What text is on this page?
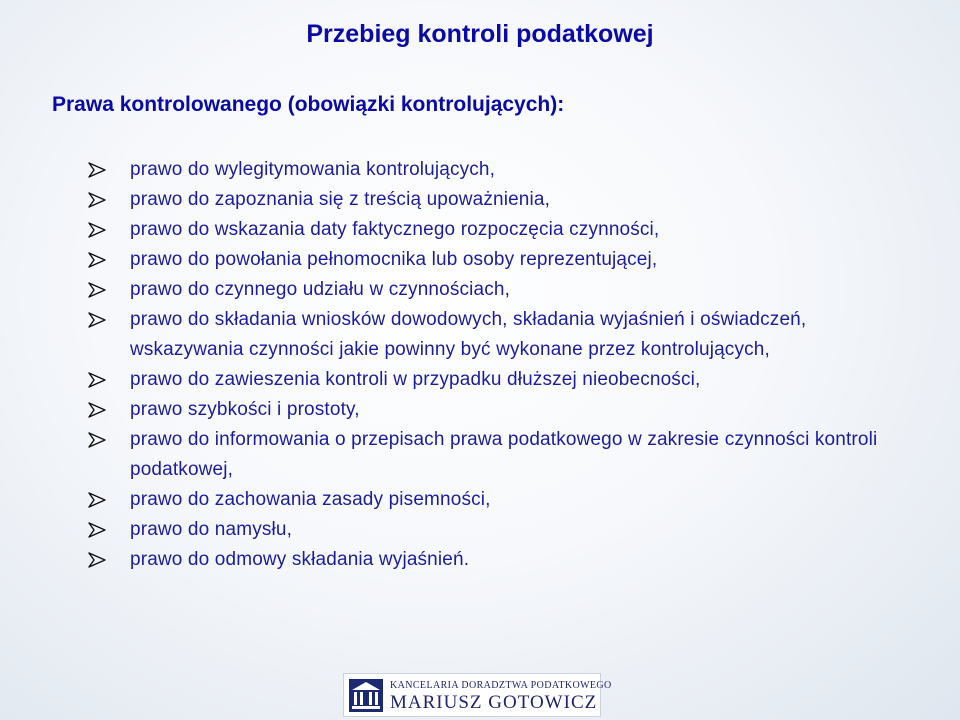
Przebieg kontroli podatkowej
Prawa kontrolowanego (obowiązki kontrolujących):
prawo do wylegitymowania kontrolujących,
prawo do zapoznania się z treścią upoważnienia,
prawo do wskazania daty faktycznego rozpoczęcia czynności,
prawo do powołania pełnomocnika lub osoby reprezentującej,
prawo do czynnego udziału w czynnościach,
prawo do składania wniosków dowodowych, składania wyjaśnień i oświadczeń, wskazywania czynności jakie powinny być wykonane przez kontrolujących,
prawo do zawieszenia kontroli w przypadku dłuższej nieobecności,
prawo szybkości i prostoty,
prawo do informowania o przepisach prawa podatkowego w zakresie czynności kontroli podatkowej,
prawo do zachowania zasady pisemności,
prawo do namysłu,
prawo do odmowy składania wyjaśnień.
KANCELARIA DORADZTWA PODATKOWEGO
MARIUSZ GOTOWICZ
